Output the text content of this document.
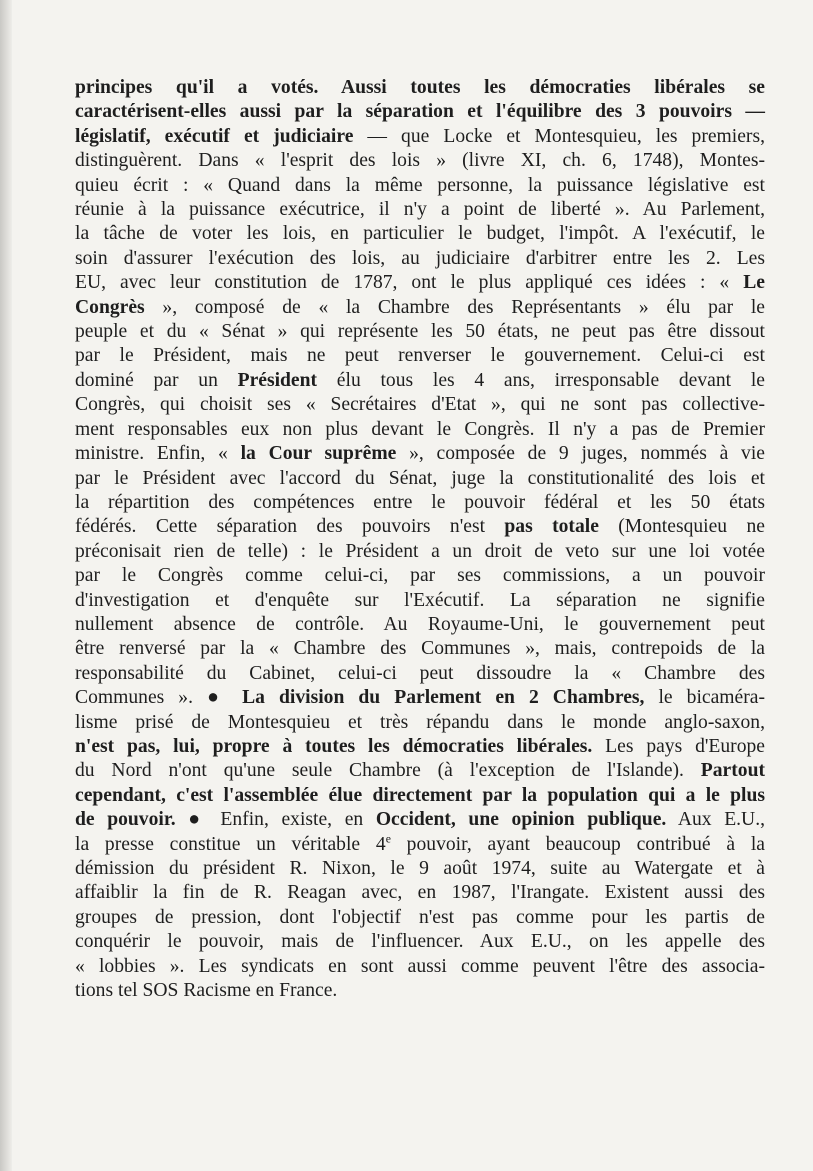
principes qu'il a votés. Aussi toutes les démocraties libérales se
caractérisent-elles aussi par la séparation et l'équilibre des 3 pouvoirs —
législatif, exécutif et judiciaire — que Locke et Montesquieu, les premiers,
distinguèrent. Dans « l'esprit des lois » (livre XI, ch. 6, 1748), Montes-
quieu écrit : « Quand dans la même personne, la puissance législative est
réunie à la puissance exécutrice, il n'y a point de liberté ». Au Parlement,
la tâche de voter les lois, en particulier le budget, l'impôt. A l'exécutif, le
soin d'assurer l'exécution des lois, au judiciaire d'arbitrer entre les 2. Les
EU, avec leur constitution de 1787, ont le plus appliqué ces idées : « Le
Congrès », composé de « la Chambre des Représentants » élu par le
peuple et du « Sénat » qui représente les 50 états, ne peut pas être dissout
par le Président, mais ne peut renverser le gouvernement. Celui-ci est
dominé par un Président élu tous les 4 ans, irresponsable devant le
Congrès, qui choisit ses « Secrétaires d'Etat », qui ne sont pas collective-
ment responsables eux non plus devant le Congrès. Il n'y a pas de Premier
ministre. Enfin, « la Cour suprême », composée de 9 juges, nommés à vie
par le Président avec l'accord du Sénat, juge la constitutionalité des lois et
la répartition des compétences entre le pouvoir fédéral et les 50 états
fédérés. Cette séparation des pouvoirs n'est pas totale (Montesquieu ne
préconisait rien de telle) : le Président a un droit de veto sur une loi votée
par le Congrès comme celui-ci, par ses commissions, a un pouvoir
d'investigation et d'enquête sur l'Exécutif. La séparation ne signifie
nullement absence de contrôle. Au Royaume-Uni, le gouvernement peut
être renversé par la « Chambre des Communes », mais, contrepoids de la
responsabilité du Cabinet, celui-ci peut dissoudre la « Chambre des
Communes ». ● La division du Parlement en 2 Chambres, le bicaméra-
lisme prisé de Montesquieu et très répandu dans le monde anglo-saxon,
n'est pas, lui, propre à toutes les démocraties libérales. Les pays d'Europe
du Nord n'ont qu'une seule Chambre (à l'exception de l'Islande). Partout
cependant, c'est l'assemblée élue directement par la population qui a le plus
de pouvoir. ● Enfin, existe, en Occident, une opinion publique. Aux E.U.,
la presse constitue un véritable 4e pouvoir, ayant beaucoup contribué à la
démission du président R. Nixon, le 9 août 1974, suite au Watergate et à
affaiblir la fin de R. Reagan avec, en 1987, l'Irangate. Existent aussi des
groupes de pression, dont l'objectif n'est pas comme pour les partis de
conquérir le pouvoir, mais de l'influencer. Aux E.U., on les appelle des
« lobbies ». Les syndicats en sont aussi comme peuvent l'être des associa-
tions tel SOS Racisme en France.
